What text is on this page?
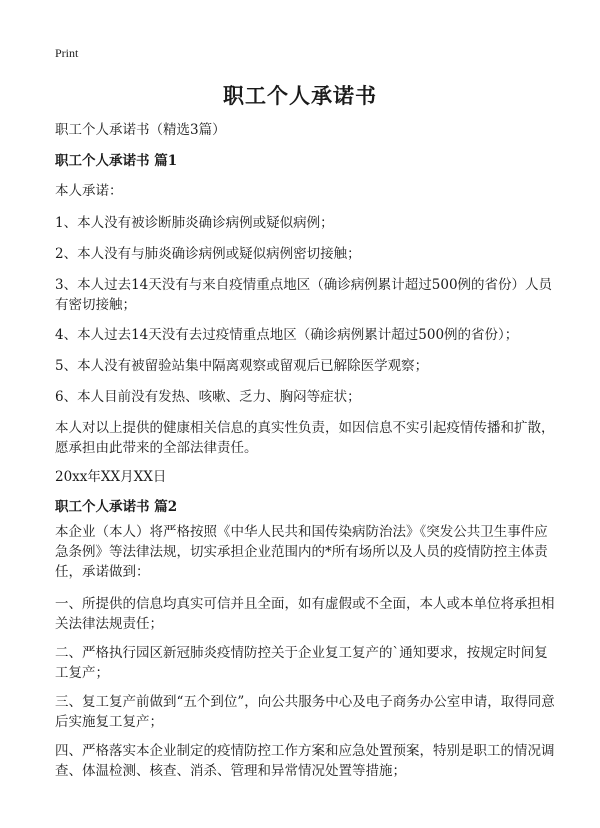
Print
职工个人承诺书

职工个人承诺书（精选3篇）

职工个人承诺书 篇1

本人承诺：

1、本人没有被诊断肺炎确诊病例或疑似病例；

2、本人没有与肺炎确诊病例或疑似病例密切接触；

3、本人过去14天没有与来自疫情重点地区（确诊病例累计超过500例的省份）人员有密切接触；

4、本人过去14天没有去过疫情重点地区（确诊病例累计超过500例的省份）；

5、本人没有被留验站集中隔离观察或留观后已解除医学观察；

6、本人目前没有发热、咳嗽、乏力、胸闷等症状；

本人对以上提供的健康相关信息的真实性负责，如因信息不实引起疫情传播和扩散，愿承担由此带来的全部法律责任。

20xx年XX月XX日

职工个人承诺书 篇2

本企业（本人）将严格按照《中华人民共和国传染病防治法》《突发公共卫生事件应急条例》等法律法规，切实承担企业范围内的*所有场所以及人员的疫情防控主体责任，承诺做到：

一、所提供的信息均真实可信并且全面，如有虚假或不全面，本人或本单位将承担相关法律法规责任；

二、严格执行园区新冠肺炎疫情防控关于企业复工复产的`通知要求，按规定时间复工复产；

三、复工复产前做到“五个到位”，向公共服务中心及电子商务办公室申请，取得同意后实施复工复产；

四、严格落实本企业制定的疫情防控工作方案和应急处置预案，特别是职工的情况调查、体温检测、核查、消杀、管理和异常情况处置等措施；
